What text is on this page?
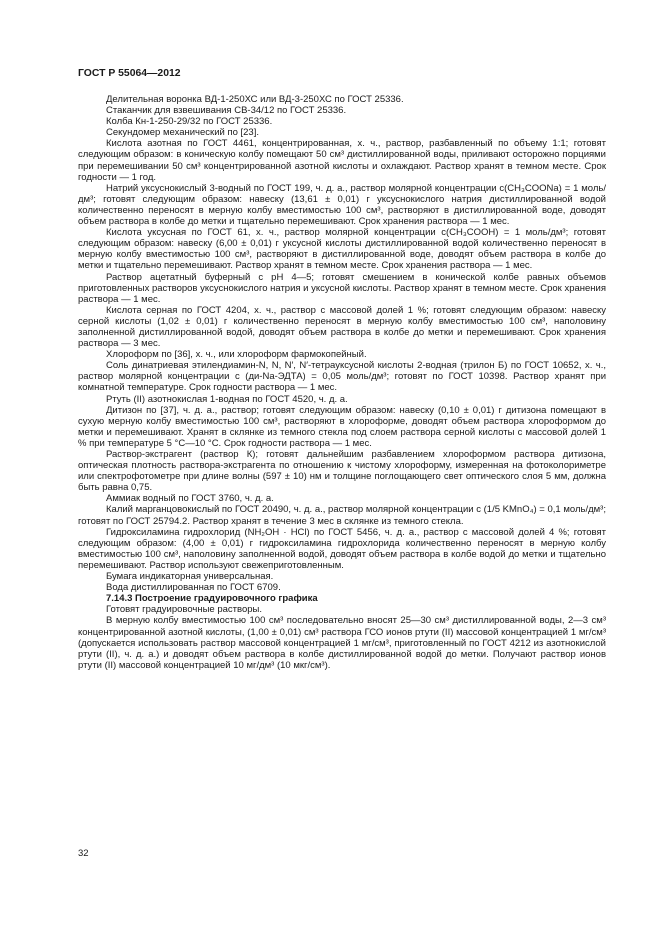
ГОСТ Р 55064—2012

Делительная воронка ВД-1-250ХС или ВД-3-250ХС по ГОСТ 25336.

Стаканчик для взвешивания СВ-34/12 по ГОСТ 25336.

Колба Кн-1-250-29/32 по ГОСТ 25336.

Секундомер механический по [23].

Кислота азотная по ГОСТ 4461, концентрированная, х. ч., раствор, разбавленный по объему 1:1; готовят следующим образом: в коническую колбу помещают 50 см³ дистиллированной воды, приливают осторожно порциями при перемешивании 50 см³ концентрированной азотной кислоты и охлаждают. Раствор хранят в темном месте. Срок годности — 1 год.

Натрий уксуснокислый 3-водный по ГОСТ 199, ч. д. а., раствор молярной концентрации c(CH₃COONa) = 1 моль/дм³; готовят следующим образом: навеску (13,61 ± 0,01) г уксуснокислого натрия дистиллированной водой количественно переносят в мерную колбу вместимостью 100 см³, растворяют в дистиллированной воде, доводят объем раствора в колбе до метки и тщательно перемешивают. Срок хранения раствора — 1 мес.

Кислота уксусная по ГОСТ 61, х. ч., раствор молярной концентрации c(CH₃COOH) = 1 моль/дм³; готовят следующим образом: навеску (6,00 ± 0,01) г уксусной кислоты дистиллированной водой количественно переносят в мерную колбу вместимостью 100 см³, растворяют в дистиллированной воде, доводят объем раствора в колбе до метки и тщательно перемешивают. Раствор хранят в темном месте. Срок хранения раствора — 1 мес.

Раствор ацетатный буферный с рН 4—5; готовят смешением в конической колбе равных объемов приготовленных растворов уксуснокислого натрия и уксусной кислоты. Раствор хранят в темном месте. Срок хранения раствора — 1 мес.

Кислота серная по ГОСТ 4204, х. ч., раствор с массовой долей 1 %; готовят следующим образом: навеску серной кислоты (1,02 ± 0,01) г количественно переносят в мерную колбу вместимостью 100 см³, наполовину заполненной дистиллированной водой, доводят объем раствора в колбе до метки и перемешивают. Срок хранения раствора — 3 мес.

Хлороформ по [36], х. ч., или хлороформ фармокопейный.

Соль динатриевая этилендиамин-N, N, N′, N′-тетрауксусной кислоты 2-водная (трилон Б) по ГОСТ 10652, х. ч., раствор молярной концентрации c (ди-Na-ЭДТА) = 0,05 моль/дм³; готовят по ГОСТ 10398. Раствор хранят при комнатной температуре. Срок годности раствора — 1 мес.

Ртуть (II) азотнокислая 1-водная по ГОСТ 4520, ч. д. а.

Дитизон по [37], ч. д. а., раствор; готовят следующим образом: навеску (0,10 ± 0,01) г дитизона помещают в сухую мерную колбу вместимостью 100 см³, растворяют в хлороформе, доводят объем раствора хлороформом до метки и перемешивают. Хранят в склянке из темного стекла под слоем раствора серной кислоты с массовой долей 1 % при температуре 5 °С—10 °С. Срок годности раствора — 1 мес.

Раствор-экстрагент (раствор К); готовят дальнейшим разбавлением хлороформом раствора дитизона, оптическая плотность раствора-экстрагента по отношению к чистому хлороформу, измеренная на фотоколориметре или спектрофотометре при длине волны (597 ± 10) нм и толщине поглощающего свет оптического слоя 5 мм, должна быть равна 0,75.

Аммиак водный по ГОСТ 3760, ч. д. а.

Калий марганцовокислый по ГОСТ 20490, ч. д. а., раствор молярной концентрации c (1/5 KMnO₄) = 0,1 моль/дм³; готовят по ГОСТ 25794.2. Раствор хранят в течение 3 мес в склянке из темного стекла.

Гидроксиламина гидрохлорид (NH₂OH · HCl) по ГОСТ 5456, ч. д. а., раствор с массовой долей 4 %; готовят следующим образом: (4,00 ± 0,01) г гидроксиламина гидрохлорида количественно переносят в мерную колбу вместимостью 100 см³, наполовину заполненной водой, доводят объем раствора в колбе водой до метки и тщательно перемешивают. Раствор используют свежеприготовленным.

Бумага индикаторная универсальная.

Вода дистиллированная по ГОСТ 6709.

7.14.3 Построение градуировочного графика

Готовят градуировочные растворы.

В мерную колбу вместимостью 100 см³ последовательно вносят 25—30 см³ дистиллированной воды, 2—3 см³ концентрированной азотной кислоты, (1,00 ± 0,01) см³ раствора ГСО ионов ртути (II) массовой концентрацией 1 мг/см³ (допускается использовать раствор массовой концентрацией 1 мг/см³, приготовленный по ГОСТ 4212 из азотнокислой ртути (II), ч. д. а.) и доводят объем раствора в колбе дистиллированной водой до метки. Получают раствор ионов ртути (II) массовой концентрацией 10 мг/дм³ (10 мкг/см³).

32
